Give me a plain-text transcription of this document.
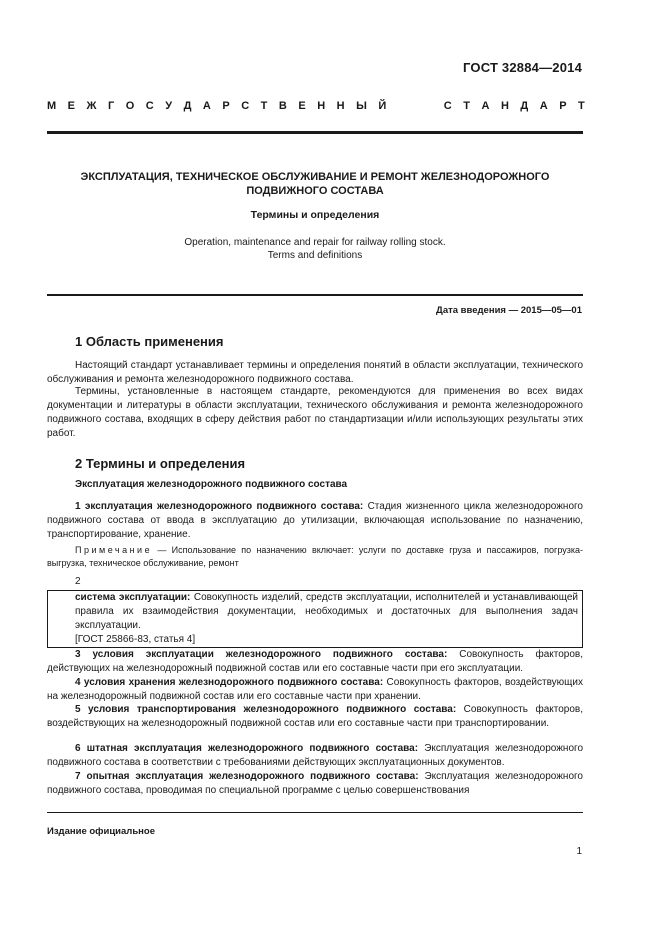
ГОСТ 32884—2014
М Е Ж Г О С У Д А Р С Т В Е Н Н Ы Й	С Т А Н Д А Р Т
ЭКСПЛУАТАЦИЯ, ТЕХНИЧЕСКОЕ ОБСЛУЖИВАНИЕ И РЕМОНТ ЖЕЛЕЗНОДОРОЖНОГО
ПОДВИЖНОГО СОСТАВА
Термины и определения
Operation, maintenance and repair for railway rolling stock.
Terms and definitions
Дата введения — 2015—05—01
1 Область применения
Настоящий стандарт устанавливает термины и определения понятий в области эксплуатации, технического обслуживания и ремонта железнодорожного подвижного состава.
Термины, установленные в настоящем стандарте, рекомендуются для применения во всех видах документации и литературы в области эксплуатации, технического обслуживания и ремонта железнодорожного подвижного состава, входящих в сферу действия работ по стандартизации и/или использующих результаты этих работ.
2 Термины и определения
Эксплуатация железнодорожного подвижного состава
1 эксплуатация железнодорожного подвижного состава: Стадия жизненного цикла железнодорожного подвижного состава от ввода в эксплуатацию до утилизации, включающая использование по назначению, транспортирование, хранение.
Примечание — Использование по назначению включает: услуги по доставке груза и пассажиров, погрузка-выгрузка, техническое обслуживание, ремонт
2
система эксплуатации: Совокупность изделий, средств эксплуатации, исполнителей и устанавливающей правила их взаимодействия документации, необходимых и достаточных для выполнения задач эксплуатации.
[ГОСТ 25866-83, статья 4]
3 условия эксплуатации железнодорожного подвижного состава: Совокупность факторов, действующих на железнодорожный подвижной состав или его составные части при его эксплуатации.
4 условия хранения железнодорожного подвижного состава: Совокупность факторов, воздействующих на железнодорожный подвижной состав или его составные части при хранении.
5 условия транспортирования железнодорожного подвижного состава: Совокупность факторов, воздействующих на железнодорожный подвижной состав или его составные части при транспортировании.
6 штатная эксплуатация железнодорожного подвижного состава: Эксплуатация железнодорожного подвижного состава в соответствии с требованиями действующих эксплуатационных документов.
7 опытная эксплуатация железнодорожного подвижного состава: Эксплуатация железнодорожного подвижного состава, проводимая по специальной программе с целью совершенствования
Издание официальное
1
